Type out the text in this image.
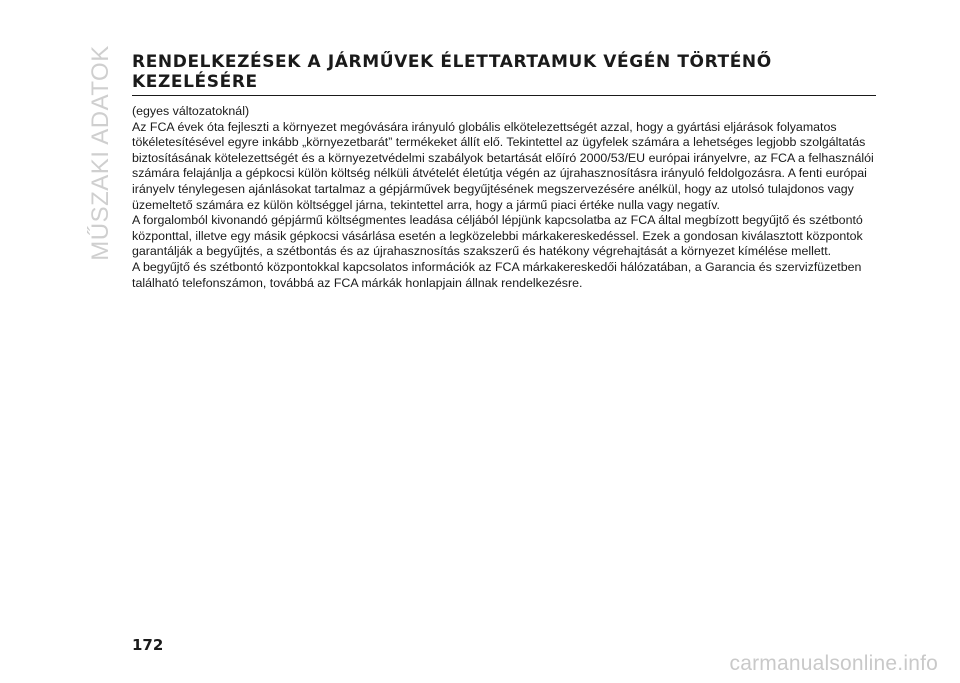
MŰSZAKI ADATOK RENDELKEZÉSEK A JÁRMŰVEK ÉLETTARTAMUK VÉGÉN TÖRTÉNŐ
KEZELÉSÉRE

(egyes változatoknál)

Az FCA évek óta fejleszti a környezet megóvására irányuló globális elkötelezettségét azzal, hogy a gyártási eljárások folyamatos tökéletesítésével egyre inkább „környezetbarát” termékeket állít elő. Tekintettel az ügyfelek számára a lehetséges legjobb szolgáltatás biztosításának kötelezettségét és a környezetvédelmi szabályok betartását előíró 2000/53/EU európai irányelvre, az FCA a felhasználói számára felajánlja a gépkocsi külön költség nélküli átvételét életútja végén az újrahasznosításra irányuló feldolgozásra. A fenti európai irányelv ténylegesen ajánlásokat tartalmaz a gépjárművek begyűjtésének megszervezésére anélkül, hogy az utolsó tulajdonos vagy üzemeltető számára ez külön költséggel járna, tekintettel arra, hogy a jármű piaci értéke nulla vagy negatív.

A forgalomból kivonandó gépjármű költségmentes leadása céljából lépjünk kapcsolatba az FCA által megbízott begyűjtő és szétbontó központtal, illetve egy másik gépkocsi vásárlása esetén a legközelebbi márkakereskedéssel. Ezek a gondosan kiválasztott központok garantálják a begyűjtés, a szétbontás és az újrahasznosítás szakszerű és hatékony végrehajtását a környezet kímélése mellett.

A begyűjtő és szétbontó központokkal kapcsolatos információk az FCA márkakereskedői hálózatában, a Garancia és szervizfüzetben található telefonszámon, továbbá az FCA márkák honlapjain állnak rendelkezésre.

172
carmanualsonline.info
